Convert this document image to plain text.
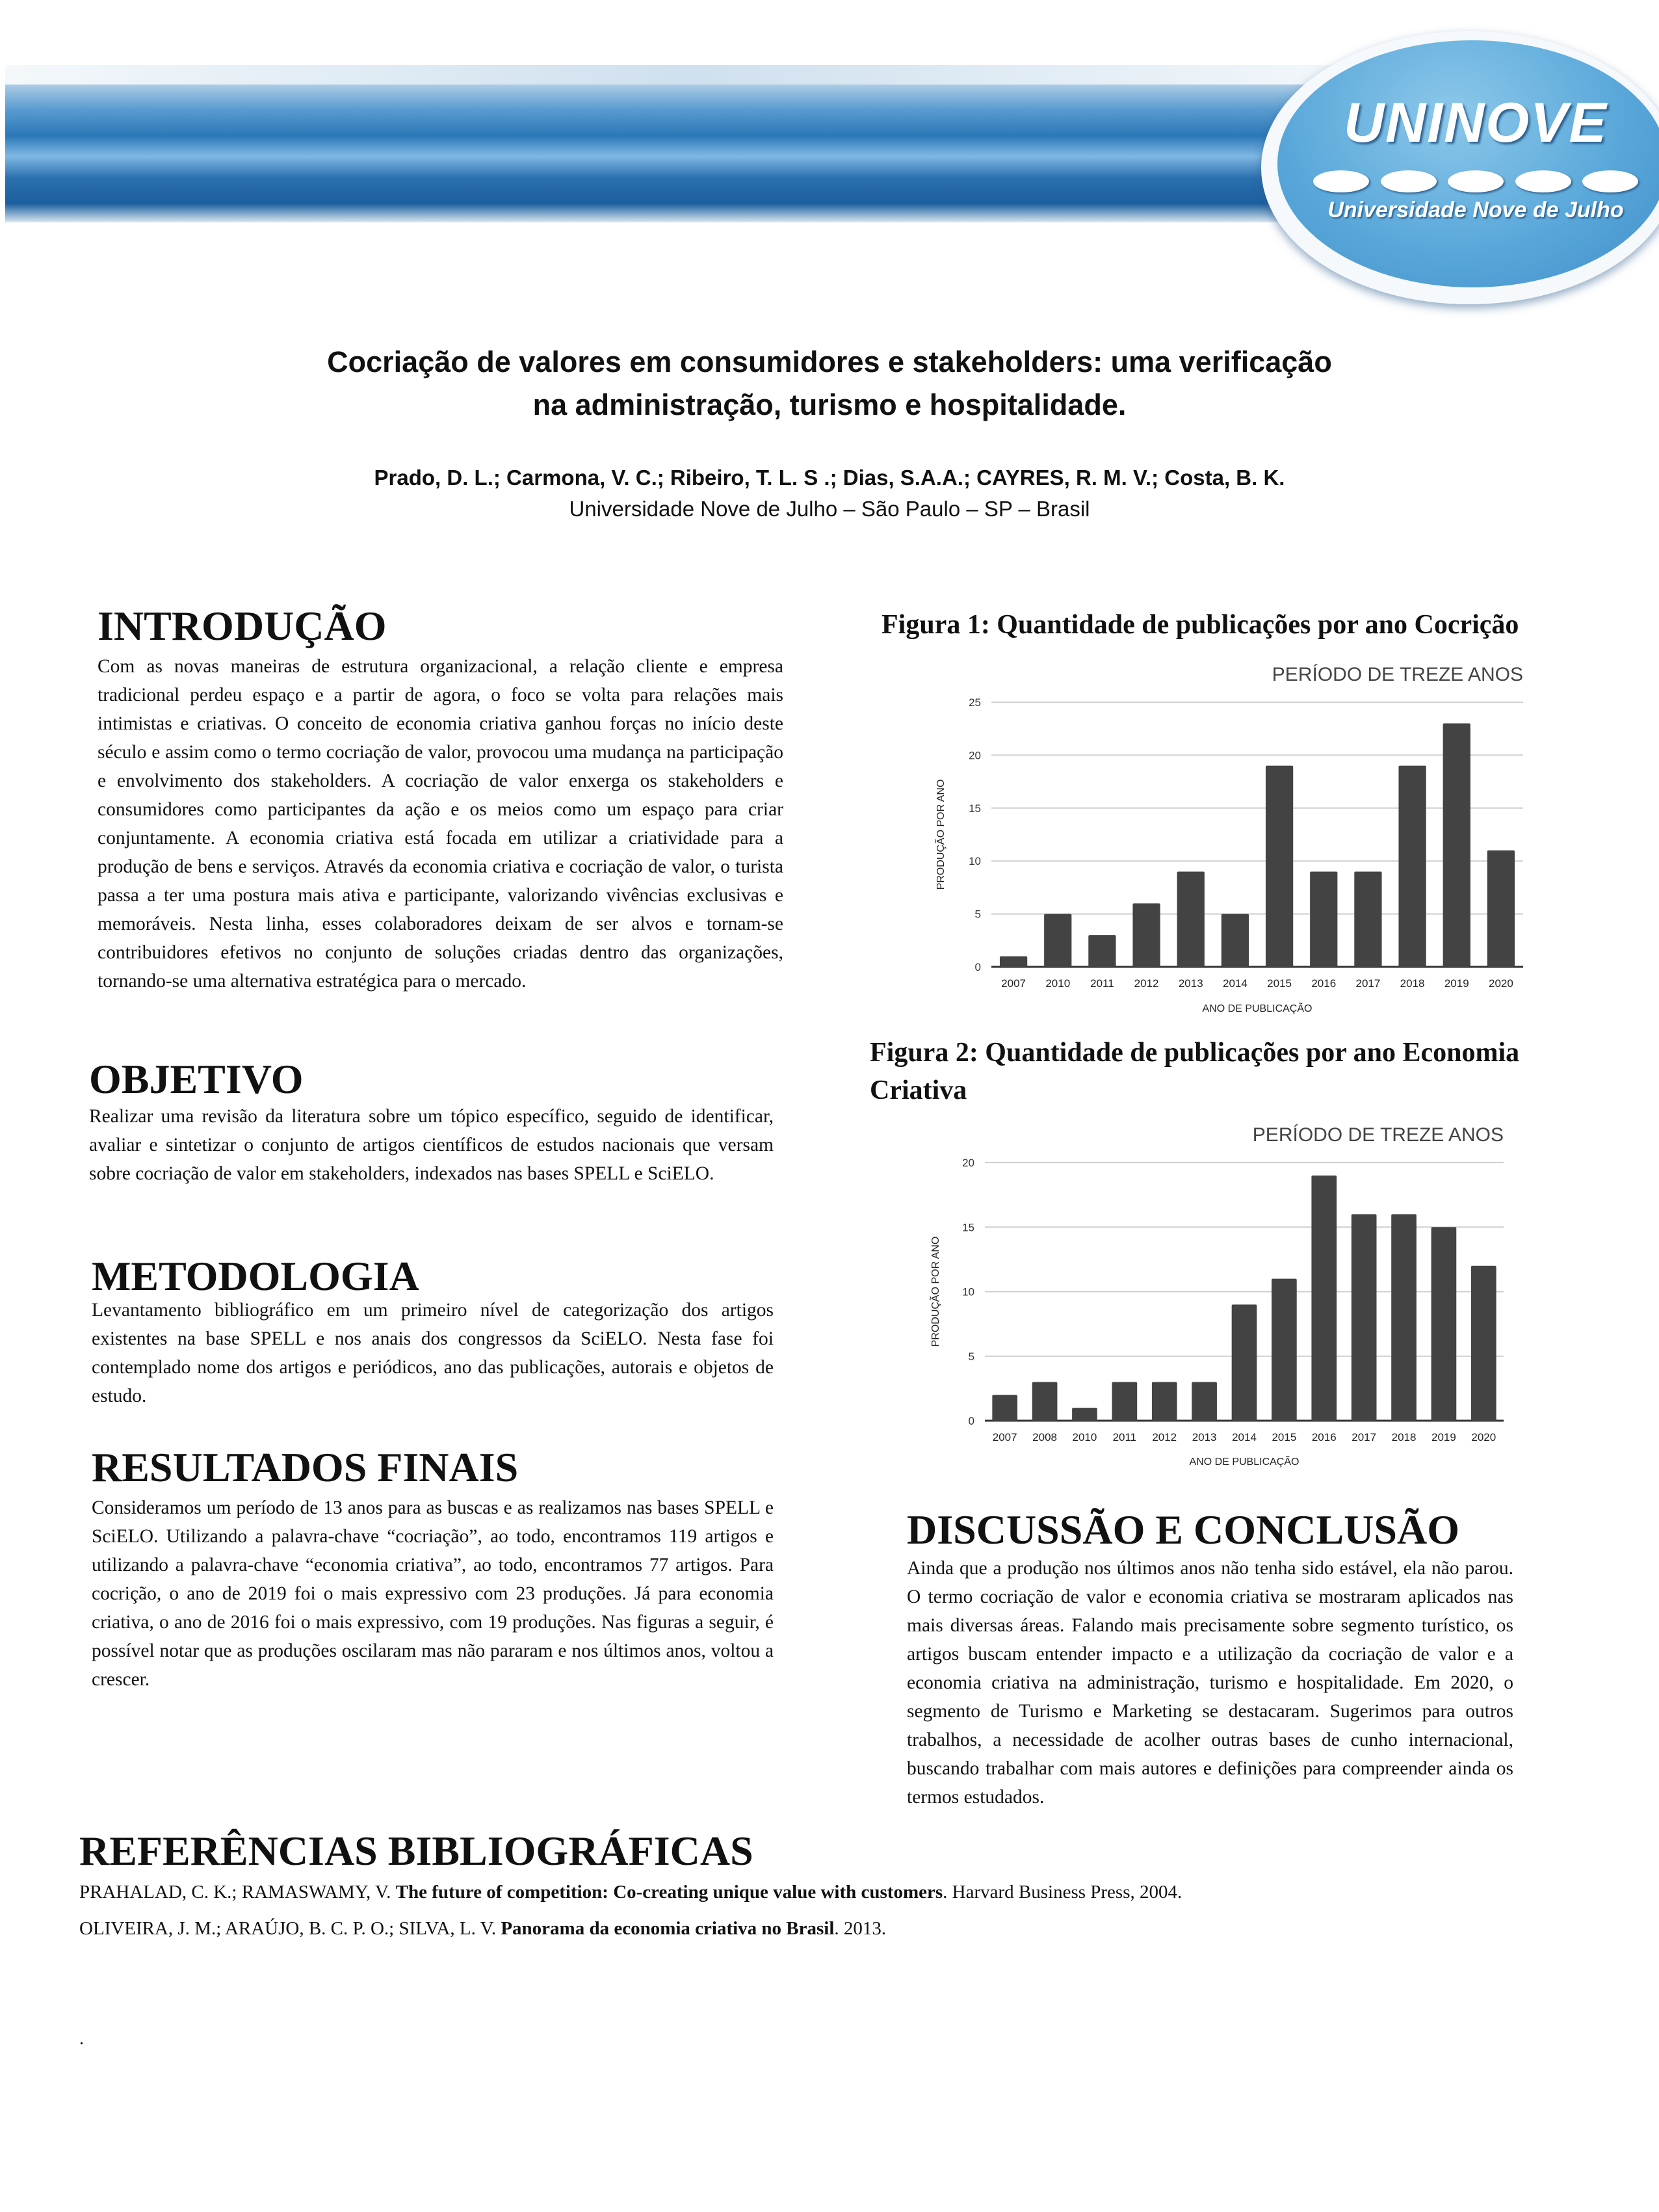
UNINOVE
Universidade Nove de Julho
Cocriação de valores em consumidores e stakeholders: uma verificação
na administração, turismo e hospitalidade.
Prado, D. L.; Carmona, V. C.; Ribeiro, T. L. S .; Dias, S.A.A.; CAYRES, R. M. V.; Costa, B. K.
Universidade Nove de Julho – São Paulo – SP – Brasil
INTRODUÇÃO
Com as novas maneiras de estrutura organizacional, a relação cliente e empresa tradicional perdeu espaço e a partir de agora, o foco se volta para relações mais intimistas e criativas. O conceito de economia criativa ganhou forças no início deste século e assim como o termo cocriação de valor, provocou uma mudança na participação e envolvimento dos stakeholders. A cocriação de valor enxerga os stakeholders e consumidores como participantes da ação e os meios como um espaço para criar conjuntamente. A economia criativa está focada em utilizar a criatividade para a produção de bens e serviços. Através da economia criativa e cocriação de valor, o turista passa a ter uma postura mais ativa e participante, valorizando vivências exclusivas e memoráveis. Nesta linha, esses colaboradores deixam de ser alvos e tornam-se contribuidores efetivos no conjunto de soluções criadas dentro das organizações, tornando-se uma alternativa estratégica para o mercado.
OBJETIVO
Realizar uma revisão da literatura sobre um tópico específico, seguido de identificar, avaliar e sintetizar o conjunto de artigos científicos de estudos nacionais que versam sobre cocriação de valor em stakeholders, indexados nas bases SPELL e SciELO.
METODOLOGIA
Levantamento bibliográfico em um primeiro nível de categorização dos artigos existentes na base SPELL e nos anais dos congressos da SciELO. Nesta fase foi contemplado nome dos artigos e periódicos, ano das publicações, autorais e objetos de estudo.
RESULTADOS FINAIS
Consideramos um período de 13 anos para as buscas e as realizamos nas bases SPELL e SciELO. Utilizando a palavra-chave “cocriação”, ao todo, encontramos 119 artigos e utilizando a palavra-chave “economia criativa”, ao todo, encontramos 77 artigos. Para cocrição, o ano de 2019 foi o mais expressivo com 23 produções. Já para economia criativa, o ano de 2016 foi o mais expressivo, com 19 produções. Nas figuras a seguir, é possível notar que as produções oscilaram mas não pararam e nos últimos anos, voltou a crescer.
Figura 1: Quantidade de publicações por ano Cocrição
0
5
10
15
20
25
2007 2010 2011 2012 2013 2014 2015 2016 2017 2018 2019 2020
PERÍODO DE TREZE ANOS
ANO DE PUBLICAÇÃO
PRODUÇÃO POR ANO
0
5
10
15
20
2007 2008 2010 2011 2012 2013 2014 2015 2016 2017 2018 2019 2020
PERÍODO DE TREZE ANOS
ANO DE PUBLICAÇÃO
PRODUÇÃO POR ANO
Figura 2: Quantidade de publicações por ano Economia Criativa
DISCUSSÃO E CONCLUSÃO
Ainda que a produção nos últimos anos não tenha sido estável, ela não parou. O termo cocriação de valor e economia criativa se mostraram aplicados nas mais diversas áreas. Falando mais precisamente sobre segmento turístico, os artigos buscam entender impacto e a utilização da cocriação de valor e a economia criativa na administração, turismo e hospitalidade. Em 2020, o segmento de Turismo e Marketing se destacaram. Sugerimos para outros trabalhos, a necessidade de acolher outras bases de cunho internacional, buscando trabalhar com mais autores e definições para compreender ainda os termos estudados.
REFERÊNCIAS BIBLIOGRÁFICAS
PRAHALAD, C. K.; RAMASWAMY, V. The future of competition: Co-creating unique value with customers. Harvard Business Press, 2004.
OLIVEIRA, J. M.; ARAÚJO, B. C. P. O.; SILVA, L. V. Panorama da economia criativa no Brasil. 2013.
.
